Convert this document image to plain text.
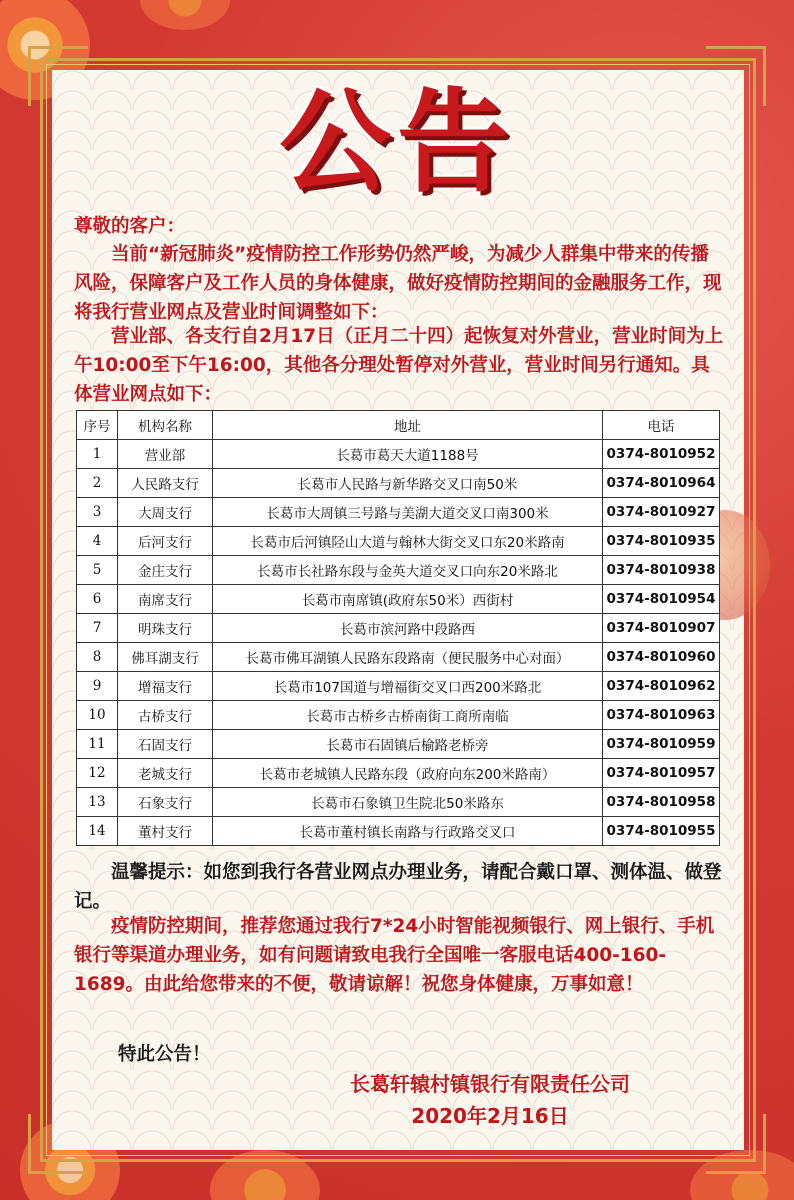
公告
尊敬的客户：
当前“新冠肺炎”疫情防控工作形势仍然严峻，为减少人群集中带来的传播风险，保障客户及工作人员的身体健康，做好疫情防控期间的金融服务工作，现将我行营业网点及营业时间调整如下：
营业部、各支行自2月17日（正月二十四）起恢复对外营业，营业时间为上午10:00至下午16:00，其他各分理处暂停对外营业，营业时间另行通知。具体营业网点如下：
序号	机构名称	地址	电话
1	营业部	长葛市葛天大道1188号	0374-8010952
2	人民路支行	长葛市人民路与新华路交叉口南50米	0374-8010964
3	大周支行	长葛市大周镇三号路与美湖大道交叉口南300米	0374-8010927
4	后河支行	长葛市后河镇陉山大道与翰林大街交叉口东20米路南	0374-8010935
5	金庄支行	长葛市长社路东段与金英大道交叉口向东20米路北	0374-8010938
6	南席支行	长葛市南席镇(政府东50米）西街村	0374-8010954
7	明珠支行	长葛市滨河路中段路西	0374-8010907
8	佛耳湖支行	长葛市佛耳湖镇人民路东段路南（便民服务中心对面）	0374-8010960
9	增福支行	长葛市107国道与增福街交叉口西200米路北	0374-8010962
10	古桥支行	长葛市古桥乡古桥南街工商所南临	0374-8010963
11	石固支行	长葛市石固镇后榆路老桥旁	0374-8010959
12	老城支行	长葛市老城镇人民路东段（政府向东200米路南）	0374-8010957
13	石象支行	长葛市石象镇卫生院北50米路东	0374-8010958
14	董村支行	长葛市董村镇长南路与行政路交叉口	0374-8010955
温馨提示：如您到我行各营业网点办理业务，请配合戴口罩、测体温、做登记。
疫情防控期间，推荐您通过我行7*24小时智能视频银行、网上银行、手机银行等渠道办理业务，如有问题请致电我行全国唯一客服电话400-160-1689。由此给您带来的不便，敬请谅解！祝您身体健康，万事如意！
特此公告！
长葛轩辕村镇银行有限责任公司
2020年2月16日
